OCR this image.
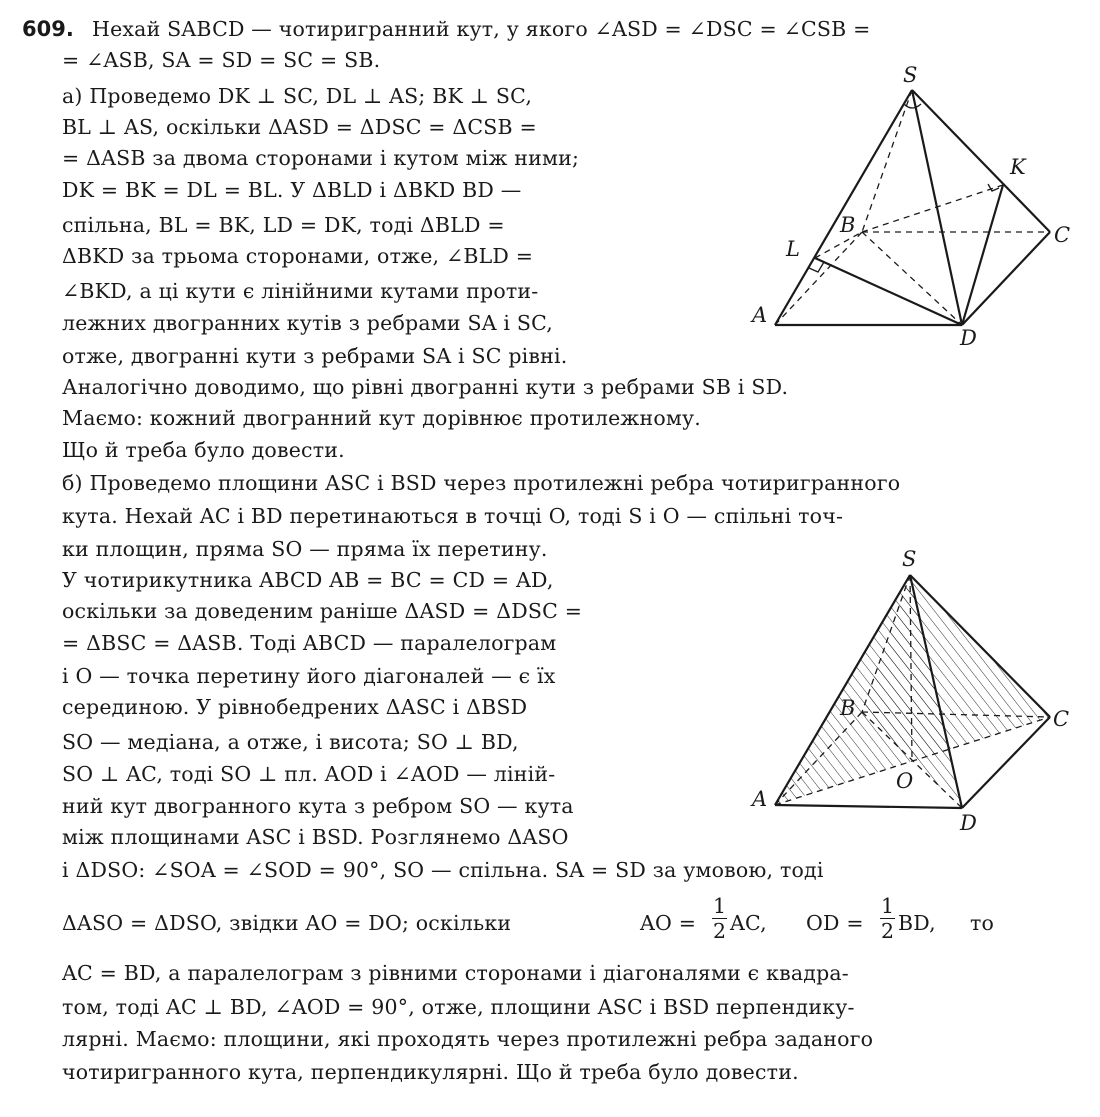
609. Нехай SABCD — чотиригранний кут, у якого ∠ASD = ∠DSC = ∠CSB =
= ∠ASB, SA = SD = SC = SB.
а) Проведемо DK ⊥ SC, DL ⊥ AS; BK ⊥ SC,
BL ⊥ AS, оскільки ΔASD = ΔDSC = ΔCSB =
= ΔASB за двома сторонами і кутом між ними;
DK = BK = DL = BL. У ΔBLD і ΔBKD BD —
спільна, BL = BK, LD = DK, тоді ΔBLD =
ΔBKD за трьома сторонами, отже, ∠BLD =
∠BKD, а ці кути є лінійними кутами проти-
лежних двогранних кутів з ребрами SA і SC,
отже, двогранні кути з ребрами SA і SC рівні.
Аналогічно доводимо, що рівні двогранні кути з ребрами SB і SD.
Маємо: кожний двогранний кут дорівнює протилежному.
Що й треба було довести.
б) Проведемо площини ASC і BSD через протилежні ребра чотиригранного
кута. Нехай AC і BD перетинаються в точці O, тоді S і O — спільні точ-
ки площин, пряма SO — пряма їх перетину.
У чотирикутника ABCD AB = BC = CD = AD,
оскільки за доведеним раніше ΔASD = ΔDSC =
= ΔBSC = ΔASB. Тоді ABCD — паралелограм
і O — точка перетину його діагоналей — є їх
серединою. У рівнобедрених ΔASC і ΔBSD
SO — медіана, а отже, і висота; SO ⊥ BD,
SO ⊥ AC, тоді SO ⊥ пл. AOD і ∠AOD — ліній-
ний кут двогранного кута з ребром SO — кута
між площинами ASC і BSD. Розглянемо ΔASO
і ΔDSO: ∠SOA = ∠SOD = 90°, SO — спільна. SA = SD за умовою, тоді
ΔASO = ΔDSO, звідки AO = DO; оскільки	AO = $\frac{1}{2}$ AC, OD = $\frac{1}{2}$ BD, то
AC = BD, а паралелограм з рівними сторонами і діагоналями є квадра-
том, тоді AC ⊥ BD, ∠AOD = 90°, отже, площини ASC і BSD перпендику-
лярні. Маємо: площини, які проходять через протилежні ребра заданого
чотиригранного кута, перпендикулярні. Що й треба було довести.
S
K
B	C
L
A
D
S
B	C
A
O
D
